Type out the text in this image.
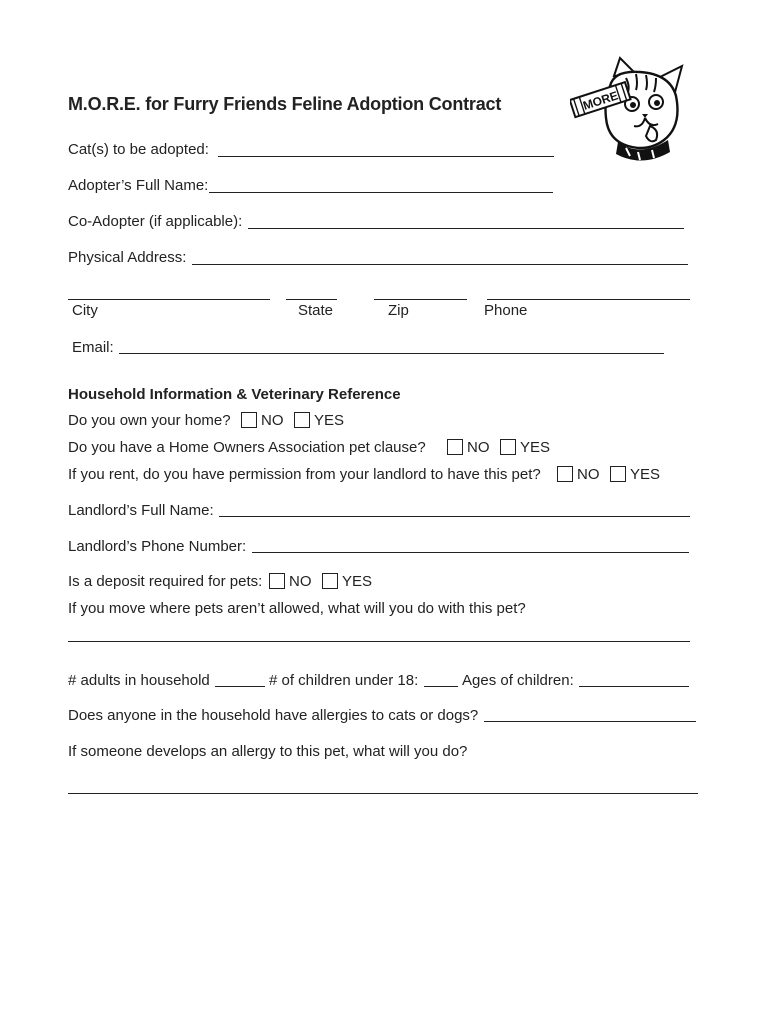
M.O.R.E. for Furry Friends Feline Adoption Contract	MORE
Cat(s) to be adopted:
Adopter’s Full Name:
Co-Adopter (if applicable):
Physical Address:
City	State	Zip	Phone
Email:
Household Information & Veterinary Reference
Do you own your home? NO YES
Do you have a Home Owners Association pet clause?	NO YES
If you rent, do you have permission from your landlord to have this pet? NO YES
Landlord’s Full Name:
Landlord’s Phone Number:
Is a deposit required for pets: NO YES
If you move where pets aren’t allowed, what will you do with this pet?
# adults in household	# of children under 18:	Ages of children:
Does anyone in the household have allergies to cats or dogs?
If someone develops an allergy to this pet, what will you do?
